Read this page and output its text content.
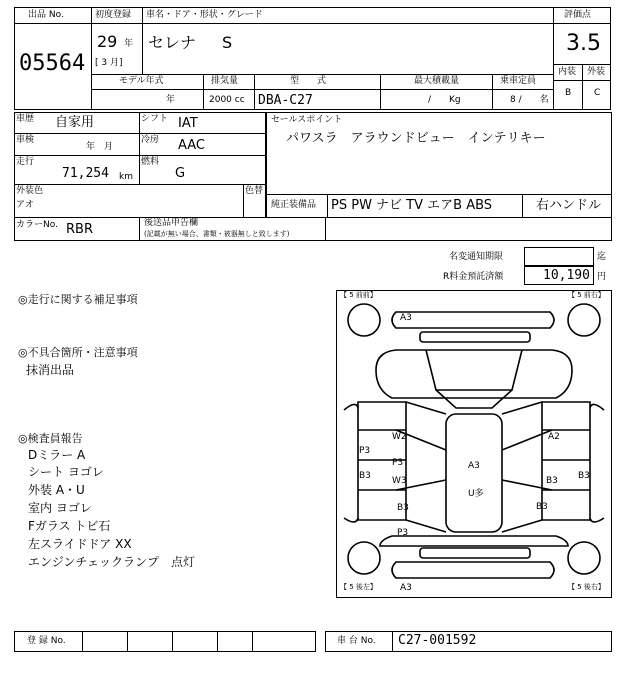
出品 No.
05564
初度登録 車名・ドア・形状・グレード
29 年
[ 3 月]
セレナ S
モデル年式	排気量	型　　式	最大積載量	乗車定員
年	2000 cc DBA-C27	/　　Kg	8 /　　名
評価点
3.5
内装 外装
B	C
車歴 自家用	シフト IAT
車検
年　月
冷房 AAC
走行
71,254 km
燃料
G
外装色
アオ
色替
カラーNo. RBR	後送品申告欄
(記載が無い場合、書類・被器無しと致します)
セールスポイント
パワスラ　アラウンドビュー　インテリキー
純正装備品 PS PW ナビ TV エアB ABS	右ハンドル
名変通知期限	迄
R料金預託済額	10,190 円
◎走行に関する補足事項
◎不具合箇所・注意事項
抹消出品
◎検査員報告
Dミラー A
シート ヨゴレ
外装 A・U
室内 ヨゴレ
Fガラス トビ石
左スライドドア XX
エンジンチェックランプ　点灯
【 5 前前】	【 5 前右】
【 5 後左】	【 5 後右】
A3
W2
P3
B3
P3
W3
B3
P3
A3
U多
A2
B3 B3
B3
A3
登 録 No.	車 台 No. C27-001592
